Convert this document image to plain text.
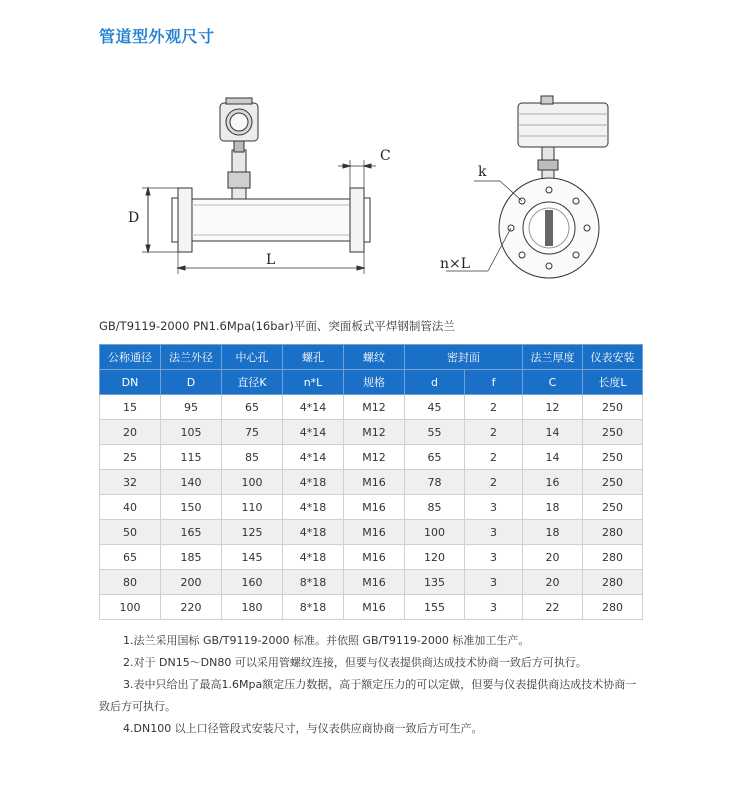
管道型外观尺寸
D
L
C
k
n×L
GB/T9119-2000 PN1.6Mpa(16bar)平面、突面板式平焊钢制管法兰
公称通径	法兰外径	中心孔	螺孔	螺纹	密封面		法兰厚度	仪表安装
DN	D	直径K	n*L	规格	d	f	C	长度L
15	95	65	4*14	M12	45	2	12	250
20	105	75	4*14	M12	55	2	14	250
25	115	85	4*14	M12	65	2	14	250
32	140	100	4*18	M16	78	2	16	250
40	150	110	4*18	M16	85	3	18	250
50	165	125	4*18	M16	100	3	18	280
65	185	145	4*18	M16	120	3	20	280
80	200	160	8*18	M16	135	3	20	280
100	220	180	8*18	M16	155	3	22	280

1.法兰采用国标 GB/T9119-2000 标准。并依照 GB/T9119-2000 标准加工生产。

2.对于 DN15～DN80 可以采用管螺纹连接，但要与仪表提供商达成技术协商一致后方可执行。

3.表中只给出了最高1.6Mpa额定压力数据，高于额定压力的可以定做，但要与仪表提供商达成技术协商一致后方可执行。

4.DN100 以上口径管段式安装尺寸，与仪表供应商协商一致后方可生产。
